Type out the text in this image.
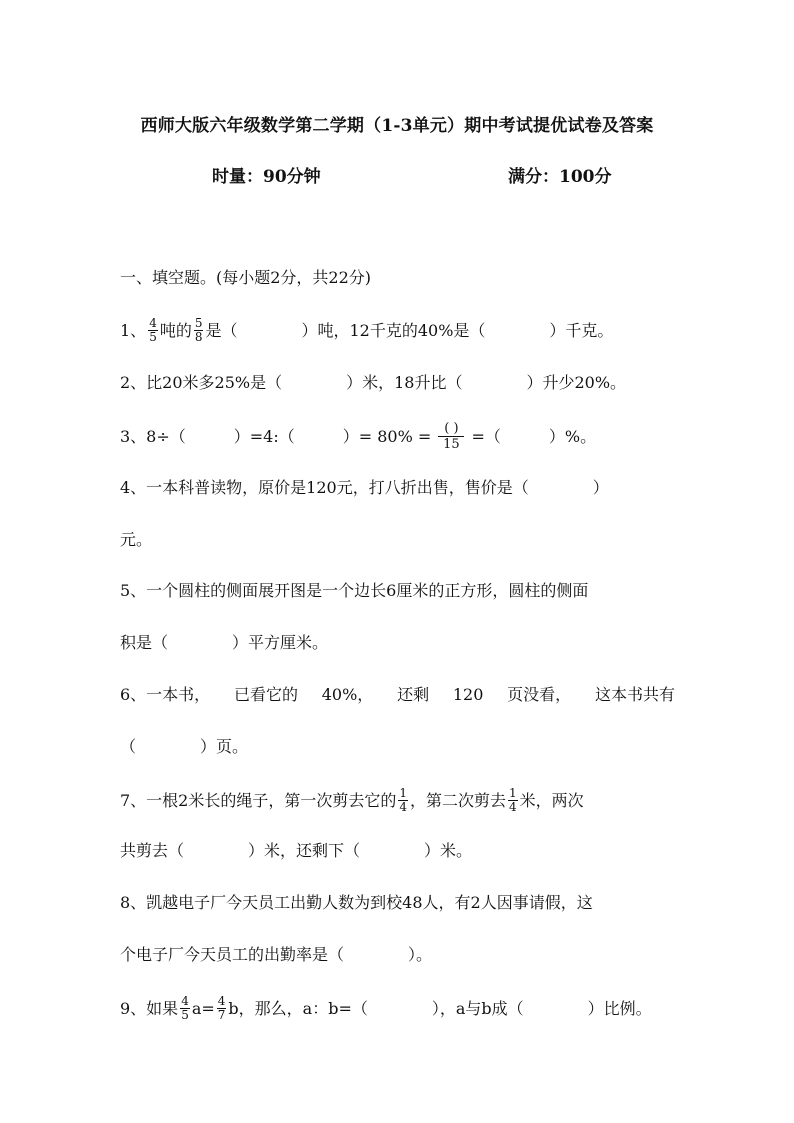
西师大版六年级数学第二学期（1-3单元）期中考试提优试卷及答案
时量：90分钟	满分：100分
一、填空题。(每小题2分，共22分)
1、 $\frac{4}{5}$ 吨的 $\frac{5}{8}$ 是（　　　　）吨，12千克的40%是（　　　　）千克。
2、比20米多25%是（　　　　）米，18升比（　　　　）升少20%。
3、8÷（　　　）=4:（　　　）= $80\% = \frac{( )}{15}$ =（　　　）%。
4、一本科普读物，原价是120元，打八折出售，售价是（　　　　）
元。
5、一个圆柱的侧面展开图是一个边长6厘米的正方形，圆柱的侧面
积是（　　　　）平方厘米。
6、一本书， 已看它的 40%， 还剩 120 页没看， 这本书共有
（　　　　）页。
7、一根2米长的绳子，第一次剪去它的 $\frac{1}{4}$ ，第二次剪去 $\frac{1}{4}$ 米，两次
共剪去（　　　　）米，还剩下（　　　　）米。
8、凯越电子厂今天员工出勤人数为到校48人，有2人因事请假，这
个电子厂今天员工的出勤率是（　　　　）。
9、如果 $\frac{4}{5} a= \frac{4}{7}$ b，那么，a：b=（　　　　），a与b成（　　　　）比例。
